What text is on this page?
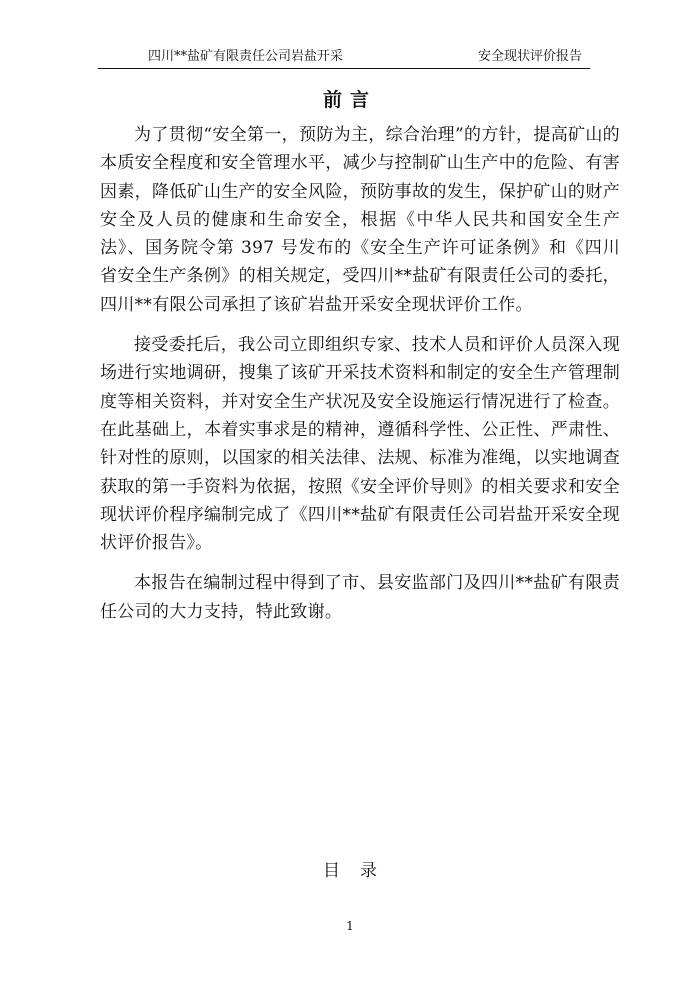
四川**盐矿有限责任公司岩盐开采	安全现状评价报告
前言

为了贯彻“安全第一，预防为主，综合治理”的方针，提高矿山的本质安全程度和安全管理水平，减少与控制矿山生产中的危险、有害因素，降低矿山生产的安全风险，预防事故的发生，保护矿山的财产安全及人员的健康和生命安全，根据《中华人民共和国安全生产法》、国务院令第 397 号发布的《安全生产许可证条例》和《四川省安全生产条例》的相关规定，受四川**盐矿有限责任公司的委托，四川**有限公司承担了该矿岩盐开采安全现状评价工作。

接受委托后，我公司立即组织专家、技术人员和评价人员深入现场进行实地调研，搜集了该矿开采技术资料和制定的安全生产管理制度等相关资料，并对安全生产状况及安全设施运行情况进行了检查。在此基础上，本着实事求是的精神，遵循科学性、公正性、严肃性、针对性的原则，以国家的相关法律、法规、标准为准绳，以实地调查获取的第一手资料为依据，按照《安全评价导则》的相关要求和安全现状评价程序编制完成了《四川**盐矿有限责任公司岩盐开采安全现状评价报告》。

本报告在编制过程中得到了市、县安监部门及四川**盐矿有限责任公司的大力支持，特此致谢。

目录
1
